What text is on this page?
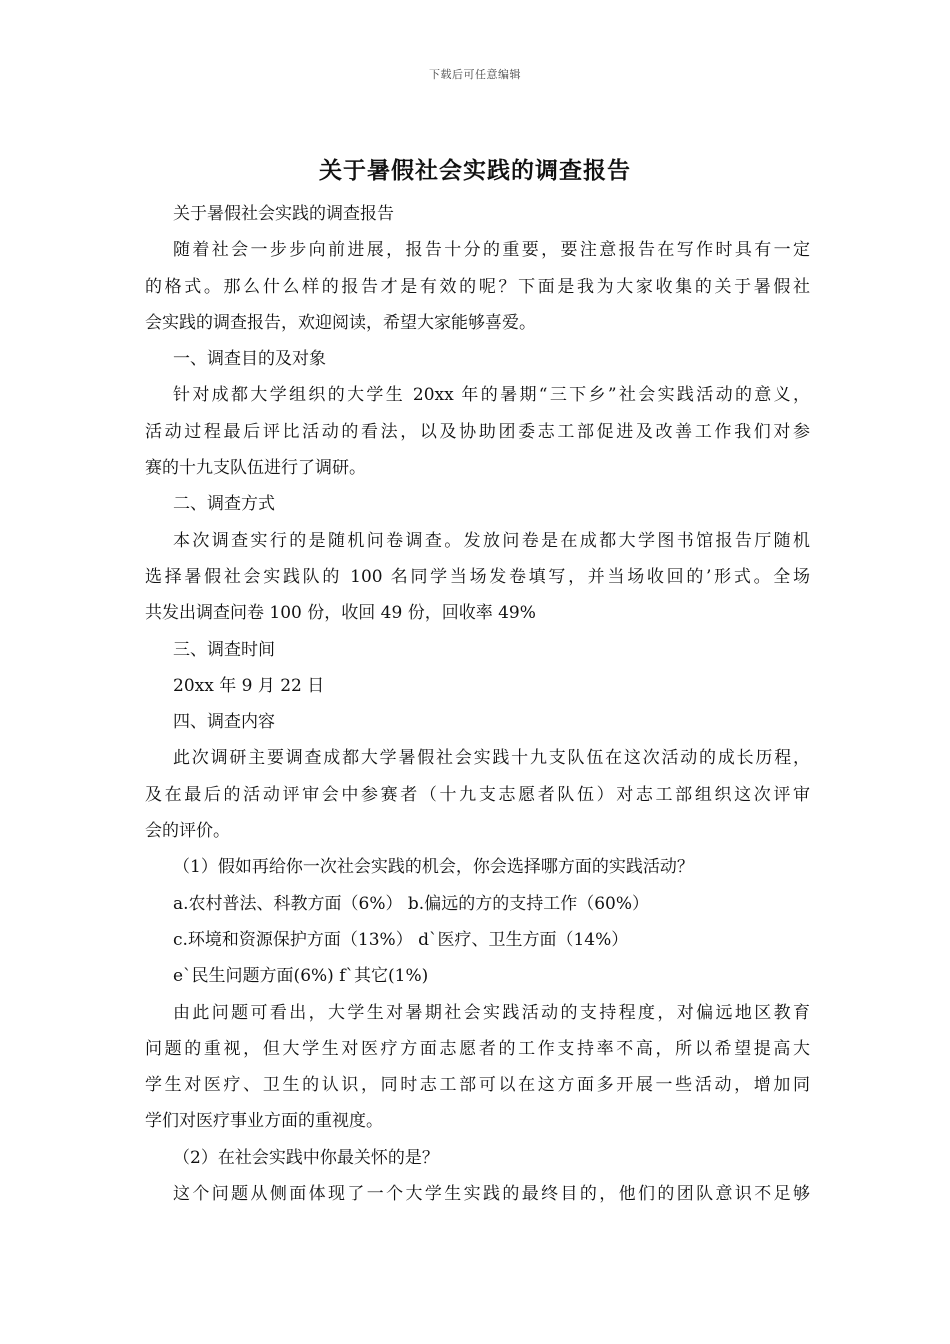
下载后可任意编辑
关于暑假社会实践的调查报告
关于暑假社会实践的调查报告
随着社会一步步向前进展，报告十分的重要，要注意报告在写作时具有一定
的格式。那么什么样的报告才是有效的呢？下面是我为大家收集的关于暑假社
会实践的调查报告，欢迎阅读，希望大家能够喜爱。
一、调查目的及对象
针对成都大学组织的大学生 20xx 年的暑期“三下乡”社会实践活动的意义，
活动过程最后评比活动的看法，以及协助团委志工部促进及改善工作我们对参
赛的十九支队伍进行了调研。
二、调查方式
本次调查实行的是随机问卷调查。发放问卷是在成都大学图书馆报告厅随机
选择暑假社会实践队的 100 名同学当场发卷填写，并当场收回的’形式。全场
共发出调查问卷 100 份，收回 49 份，回收率 49%
三、调查时间
20xx 年 9 月 22 日
四、调查内容
此次调研主要调查成都大学暑假社会实践十九支队伍在这次活动的成长历程，
及在最后的活动评审会中参赛者（十九支志愿者队伍）对志工部组织这次评审
会的评价。
（1）假如再给你一次社会实践的机会，你会选择哪方面的实践活动？
a.农村普法、科教方面（6%） b.偏远的方的支持工作（60%）
c.环境和资源保护方面（13%） d`医疗、卫生方面（14%）
e`民生问题方面(6%) f`其它(1%)
由此问题可看出，大学生对暑期社会实践活动的支持程度，对偏远地区教育
问题的重视，但大学生对医疗方面志愿者的工作支持率不高，所以希望提高大
学生对医疗、卫生的认识，同时志工部可以在这方面多开展一些活动，增加同
学们对医疗事业方面的重视度。
（2）在社会实践中你最关怀的是？
这个问题从侧面体现了一个大学生实践的最终目的，他们的团队意识不足够
